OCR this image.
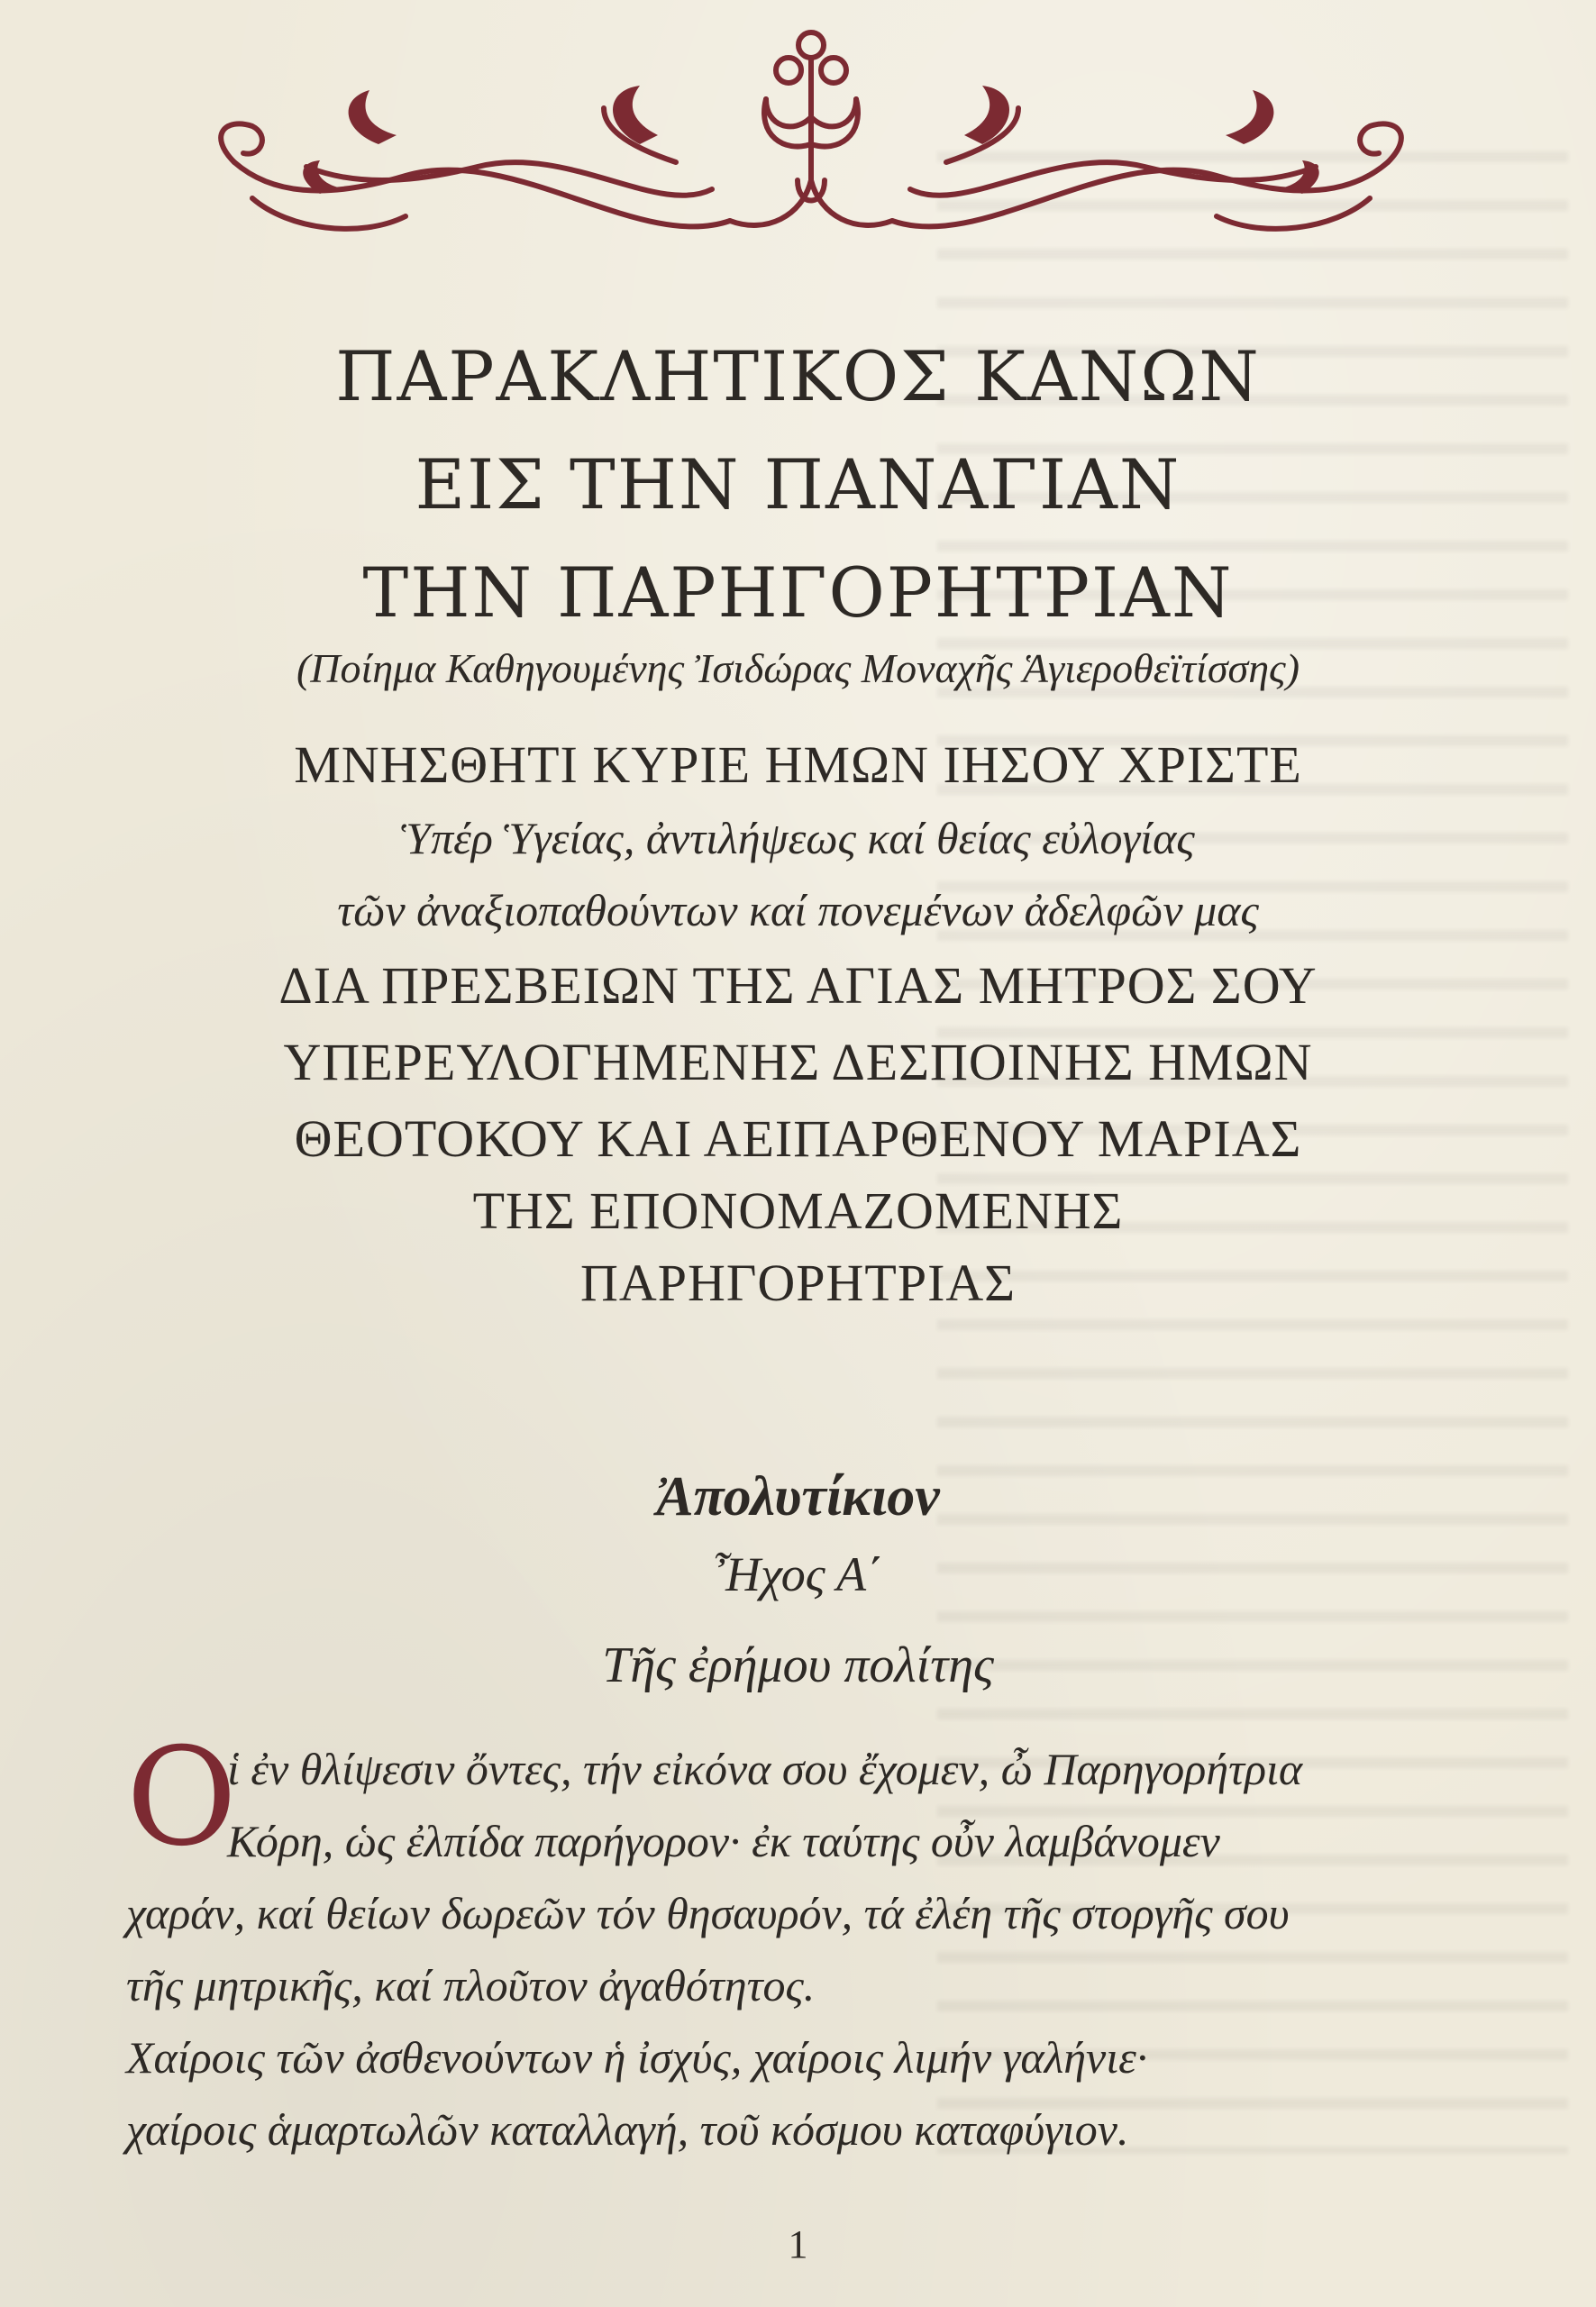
ΠΑΡΑΚΛΗΤΙΚΟΣ ΚΑΝΩΝ
ΕΙΣ ΤΗΝ ΠΑΝΑΓΙΑΝ
ΤΗΝ ΠΑΡΗΓΟΡΗΤΡΙΑΝ
(Ποίημα Καθηγουμένης Ἰσιδώρας Μοναχῆς Ἁγιεροθεϊτίσσης)
ΜΝΗΣΘΗΤΙ ΚΥΡΙΕ ΗΜΩΝ ΙΗΣΟΥ ΧΡΙΣΤΕ
Ὑπέρ Ὑγείας, ἀντιλήψεως καί θείας εὐλογίας
τῶν ἀναξιοπαθούντων καί πονεμένων ἀδελφῶν μας
ΔΙΑ ΠΡΕΣΒΕΙΩΝ ΤΗΣ ΑΓΙΑΣ ΜΗΤΡΟΣ ΣΟΥ
ΥΠΕΡΕΥΛΟΓΗΜΕΝΗΣ ΔΕΣΠΟΙΝΗΣ ΗΜΩΝ
ΘΕΟΤΟΚΟΥ ΚΑΙ ΑΕΙΠΑΡΘΕΝΟΥ ΜΑΡΙΑΣ
ΤΗΣ ΕΠΟΝΟΜΑΖΟΜΕΝΗΣ
ΠΑΡΗΓΟΡΗΤΡΙΑΣ
Ἀπολυτίκιον
Ἦχος Α΄
Τῆς ἐρήμου πολίτης
Ο
ἱ ἐν θλίψεσιν ὄντες, τήν εἰκόνα σου ἔχομεν, ὦ Παρηγορήτρια
Κόρη, ὡς ἐλπίδα παρήγορον· ἐκ ταύτης οὖν λαμβάνομεν
χαράν, καί θείων δωρεῶν τόν θησαυρόν, τά ἐλέη τῆς στοργῆς σου
τῆς μητρικῆς, καί πλοῦτον ἀγαθότητος.
Χαίροις τῶν ἀσθενούντων ἡ ἰσχύς, χαίροις λιμήν γαλήνιε·
χαίροις ἁμαρτωλῶν καταλλαγή, τοῦ κόσμου καταφύγιον.
1
